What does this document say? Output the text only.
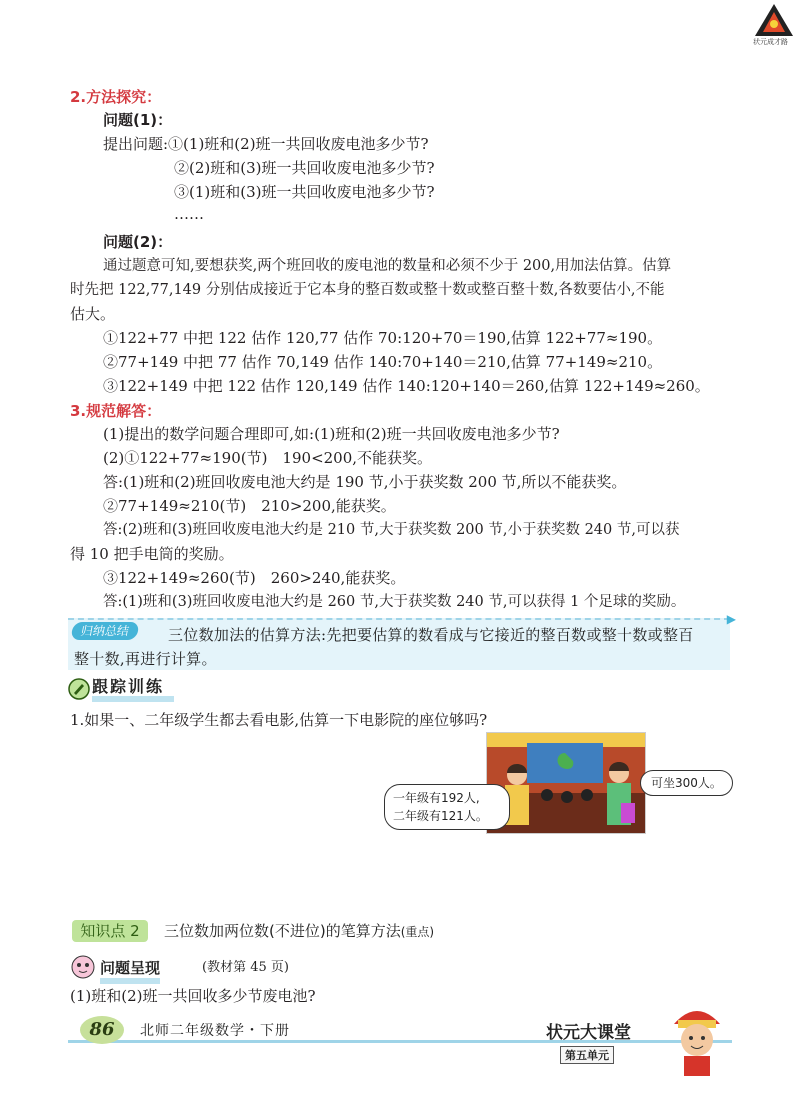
状元成才路
2.方法探究：
问题(1)：
提出问题:①(1)班和(2)班一共回收废电池多少节?
②(2)班和(3)班一共回收废电池多少节?
③(1)班和(3)班一共回收废电池多少节?
……
问题(2)：
通过题意可知,要想获奖,两个班回收的废电池的数量和必须不少于 200,用加法估算。估算
时先把 122,77,149 分别估成接近于它本身的整百数或整十数或整百整十数,各数要估小,不能
估大。
①122+77 中把 122 估作 120,77 估作 70:120+70＝190,估算 122+77≈190。
②77+149 中把 77 估作 70,149 估作 140:70+140＝210,估算 77+149≈210。
③122+149 中把 122 估作 120,149 估作 140:120+140＝260,估算 122+149≈260。
3.规范解答：
(1)提出的数学问题合理即可,如:(1)班和(2)班一共回收废电池多少节?
(2)①122+77≈190(节)　190<200,不能获奖。
答:(1)班和(2)班回收废电池大约是 190 节,小于获奖数 200 节,所以不能获奖。
②77+149≈210(节)　210>200,能获奖。
答:(2)班和(3)班回收废电池大约是 210 节,大于获奖数 200 节,小于获奖数 240 节,可以获
得 10 把手电筒的奖励。
③122+149≈260(节)　260>240,能获奖。
答:(1)班和(3)班回收废电池大约是 260 节,大于获奖数 240 节,可以获得 1 个足球的奖励。
归纳总结	三位数加法的估算方法:先把要估算的数看成与它接近的整百数或整十数或整百
整十数,再进行计算。
▶
跟踪训练
1.如果一、二年级学生都去看电影,估算一下电影院的座位够吗?
一年级有192人,
二年级有121人。
可坐300人。
知识点 2	三位数加两位数(不进位)的笔算方法(重点)
问题呈现	(教材第 45 页)
(1)班和(2)班一共回收多少节废电池?
86	北师二年级数学・下册	状元大课堂
第五单元
